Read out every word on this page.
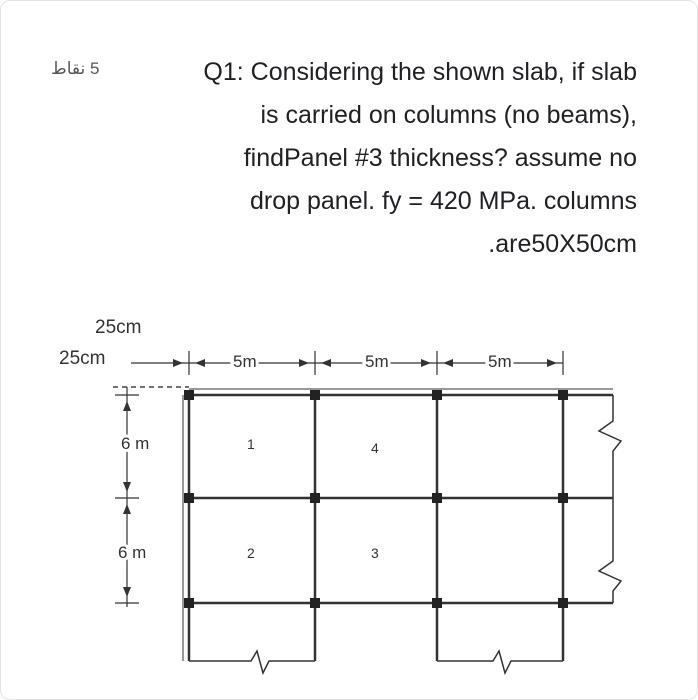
5 نقاط	Q1: Considering the shown slab, if slab
is carried on columns (no beams),
findPanel #3 thickness? assume no
drop panel. fy = 420 MPa. columns
.are50X50cm
25cm
25cm	5m	5m	5m
6 m
6 m
1	4
2	3
